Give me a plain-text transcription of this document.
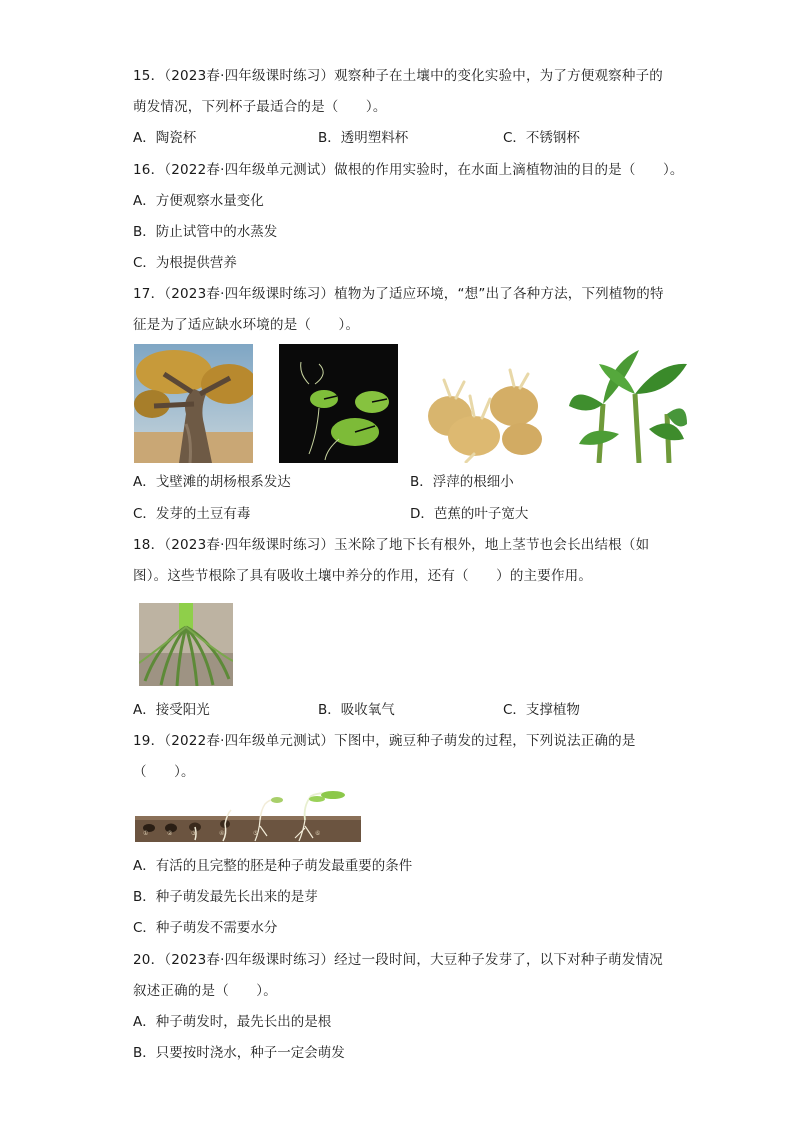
15．（2023春·四年级课时练习）观察种子在土壤中的变化实验中，为了方便观察种子的
萌发情况，下列杯子最适合的是（　　）。
A．陶瓷杯	B．透明塑料杯	C．不锈钢杯
16．（2022春·四年级单元测试）做根的作用实验时，在水面上滴植物油的目的是（　　）。
A．方便观察水量变化
B．防止试管中的水蒸发
C．为根提供营养
17．（2023春·四年级课时练习）植物为了适应环境，“想”出了各种方法，下列植物的特
征是为了适应缺水环境的是（　　）。
A．戈壁滩的胡杨根系发达	B．浮萍的根细小
C．发芽的土豆有毒	D．芭蕉的叶子宽大
18．（2023春·四年级课时练习）玉米除了地下长有根外，地上茎节也会长出结根（如
图）。这些节根除了具有吸收土壤中养分的作用，还有（　　）的主要作用。
A．接受阳光	B．吸收氧气	C．支撑植物
19．（2022春·四年级单元测试）下图中，豌豆种子萌发的过程，下列说法正确的是
（　　）。
①	②	③	④	⑤	⑥
A．有活的且完整的胚是种子萌发最重要的条件
B．种子萌发最先长出来的是芽
C．种子萌发不需要水分
20．（2023春·四年级课时练习）经过一段时间，大豆种子发芽了，以下对种子萌发情况
叙述正确的是（　　）。
A．种子萌发时，最先长出的是根
B．只要按时浇水，种子一定会萌发
